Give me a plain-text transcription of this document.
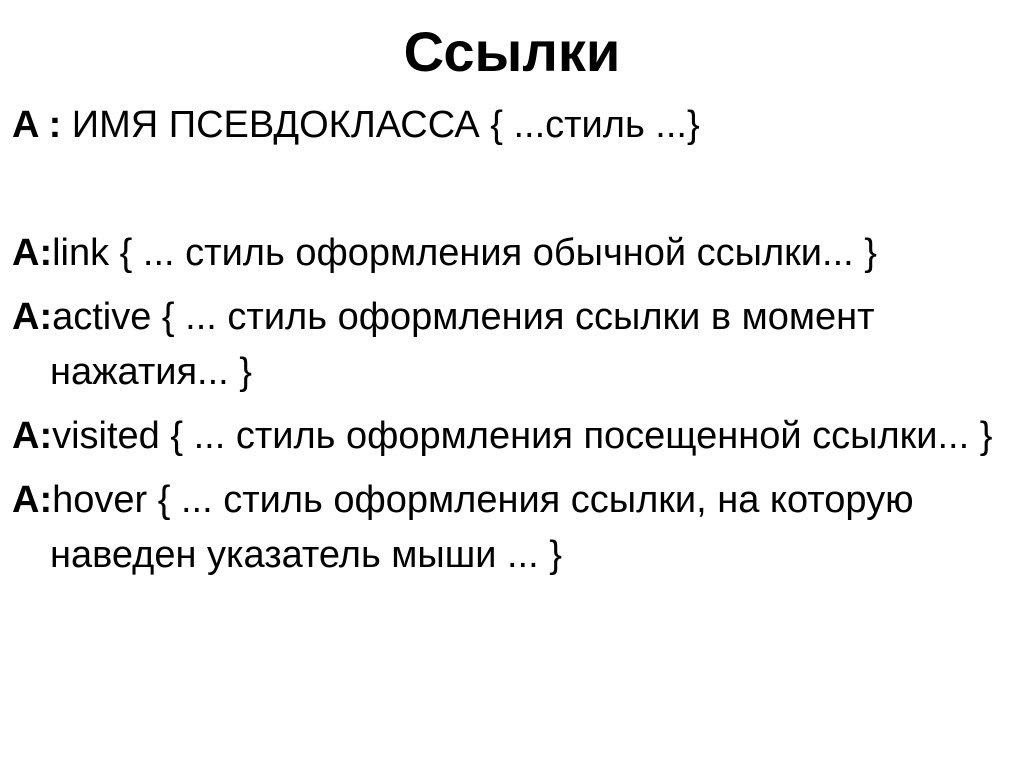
Ссылки
A : ИМЯ ПСЕВДОКЛАССА { ...стиль ...}
A:link { ... стиль оформления обычной ссылки... }
A:active { ... стиль оформления ссылки в момент нажатия... }
A:visited { ... стиль оформления посещенной ссылки... }
A:hover { ... стиль оформления ссылки, на которую наведен указатель мыши ... }
